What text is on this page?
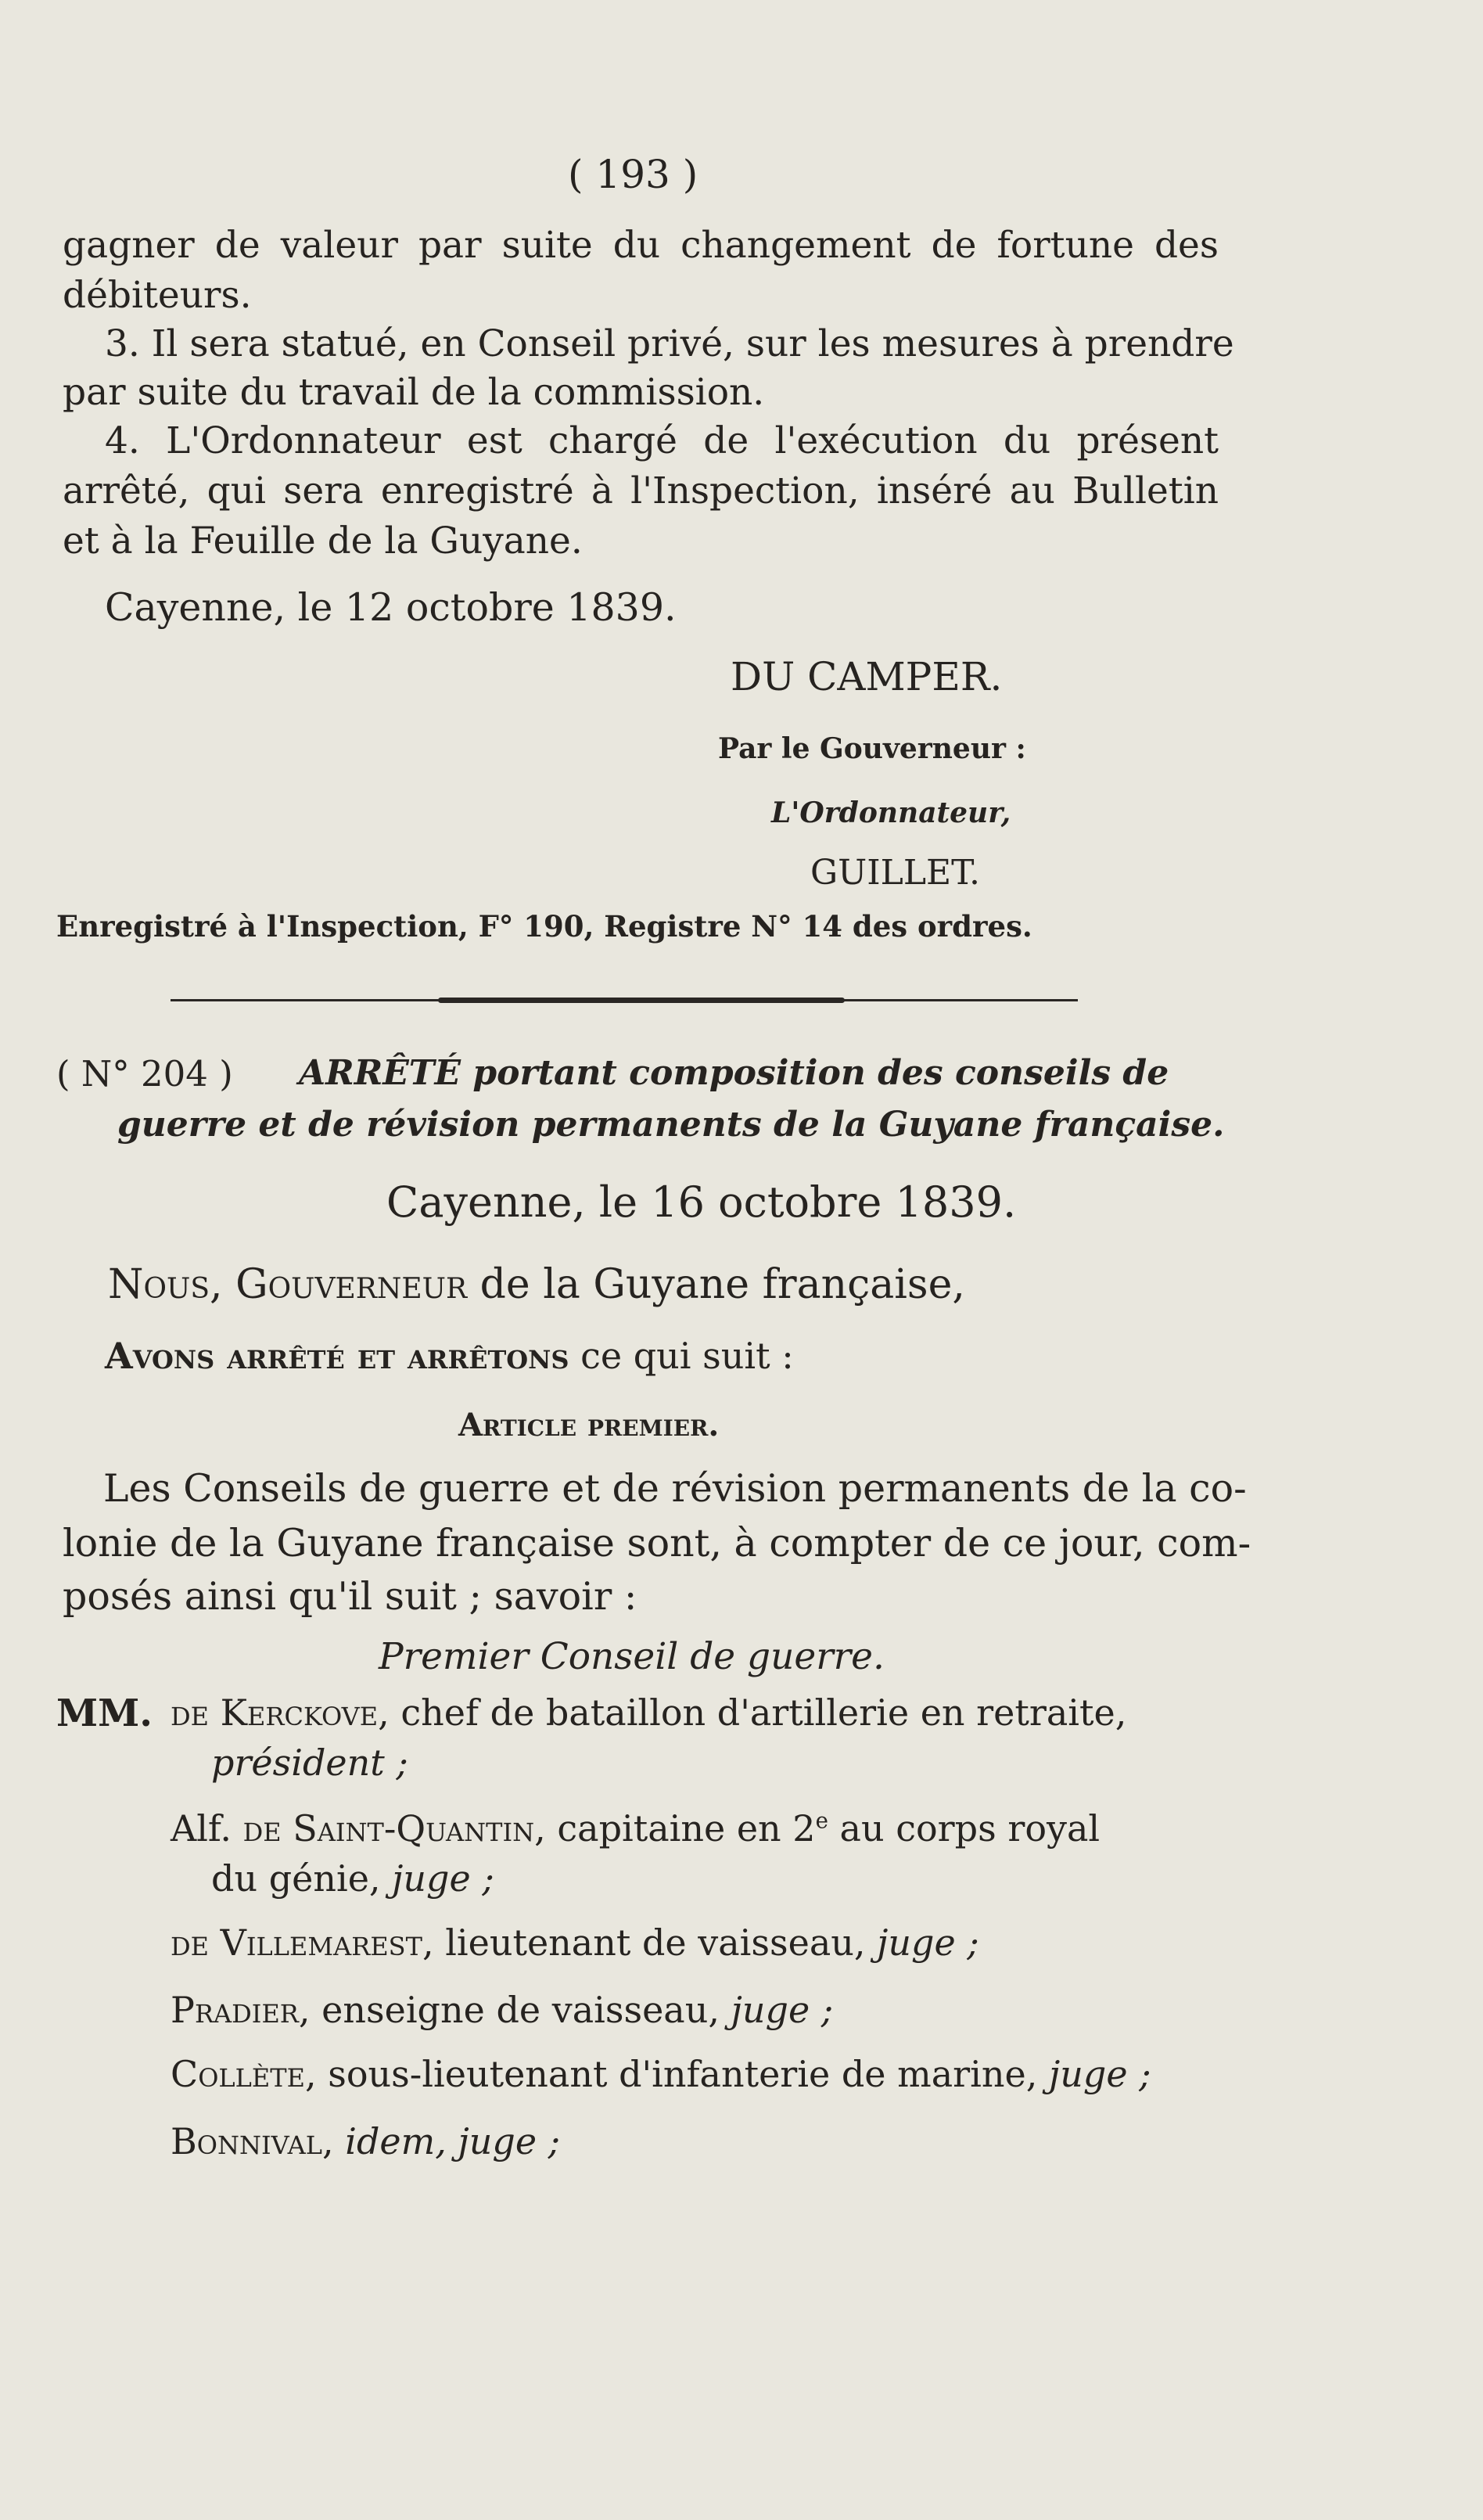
( 193 )
gagner de valeur par suite du changement de fortune des
débiteurs.
3. Il sera statué, en Conseil privé, sur les mesures à prendre
par suite du travail de la commission.
4. L'Ordonnateur est chargé de l'exécution du présent
arrêté, qui sera enregistré à l'Inspection, inséré au Bulletin
et à la Feuille de la Guyane.
Cayenne, le 12 octobre 1839.
DU CAMPER.
Par le Gouverneur :
L'Ordonnateur,
GUILLET.
Enregistré à l'Inspection, F° 190, Registre N° 14 des ordres.
( N° 204 ) ARRÊTÉ portant composition des conseils de
guerre et de révision permanents de la Guyane française.
Cayenne, le 16 octobre 1839.
Nous, Gouverneur de la Guyane française,
Avons arrêté et arrêtons ce qui suit :
Article premier.
Les Conseils de guerre et de révision permanents de la co-
lonie de la Guyane française sont, à compter de ce jour, com-
posés ainsi qu'il suit ; savoir :
Premier Conseil de guerre.
MM. de Kerckove, chef de bataillon d'artillerie en retraite,
président ;
Alf. de Saint-Quantin, capitaine en 2e au corps royal
du génie, juge ;
de Villemarest, lieutenant de vaisseau, juge ;
Pradier, enseigne de vaisseau, juge ;
Collète, sous-lieutenant d'infanterie de marine, juge ;
Bonnival, idem, juge ;
